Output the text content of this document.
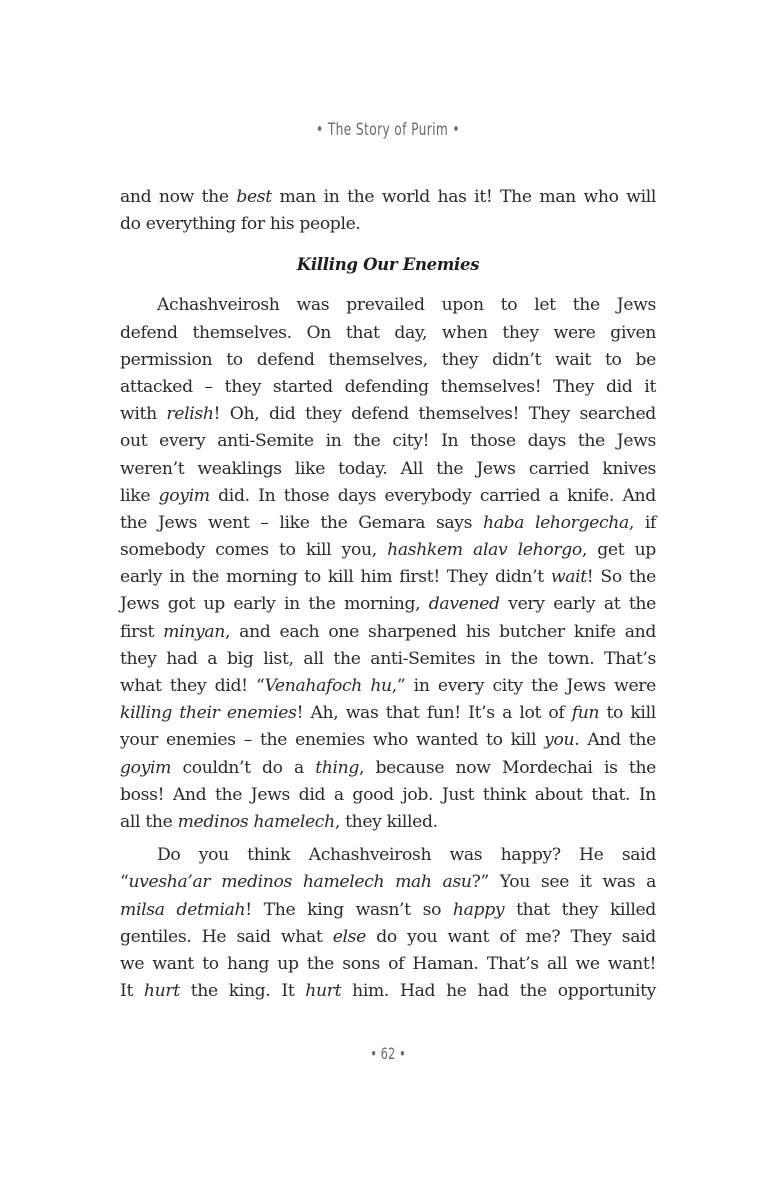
• The Story of Purim •
and now the best man in the world has it! The man who will
do everything for his people.
Killing Our Enemies
Achashveirosh was prevailed upon to let the Jews
defend themselves. On that day, when they were given
permission to defend themselves, they didn’t wait to be
attacked – they started defending themselves! They did it
with relish! Oh, did they defend themselves! They searched
out every anti-Semite in the city! In those days the Jews
weren’t weaklings like today. All the Jews carried knives
like goyim did. In those days everybody carried a knife. And
the Jews went – like the Gemara says haba lehorgecha, if
somebody comes to kill you, hashkem alav lehorgo, get up
early in the morning to kill him first! They didn’t wait! So the
Jews got up early in the morning, davened very early at the
first minyan, and each one sharpened his butcher knife and
they had a big list, all the anti-Semites in the town. That’s
what they did! “Venahafoch hu,” in every city the Jews were
killing their enemies! Ah, was that fun! It’s a lot of fun to kill
your enemies – the enemies who wanted to kill you. And the
goyim couldn’t do a thing, because now Mordechai is the
boss! And the Jews did a good job. Just think about that. In
all the medinos hamelech, they killed.
Do you think Achashveirosh was happy? He said
“uvesha’ar medinos hamelech mah asu?” You see it was a
milsa detmiah! The king wasn’t so happy that they killed
gentiles. He said what else do you want of me? They said
we want to hang up the sons of Haman. That’s all we want!
It hurt the king. It hurt him. Had he had the opportunity
• 62 •
